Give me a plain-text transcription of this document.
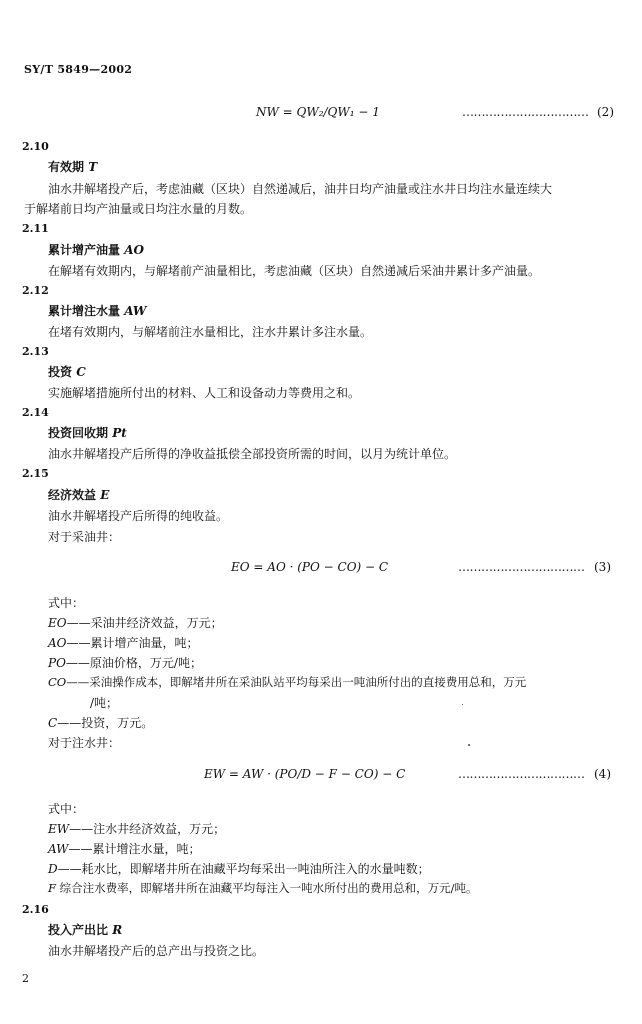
SY/T 5849—2002
NW = QW₂/QW₁ − 1	…………………………… (2)
2.10
有效期 T
油水井解堵投产后，考虑油藏（区块）自然递减后，油井日均产油量或注水井日均注水量连续大
于解堵前日均产油量或日均注水量的月数。
2.11
累计增产油量 AO
在解堵有效期内，与解堵前产油量相比，考虑油藏（区块）自然递减后采油井累计多产油量。
2.12
累计增注水量 AW
在堵有效期内，与解堵前注水量相比，注水井累计多注水量。
2.13
投资 C
实施解堵措施所付出的材料、人工和设备动力等费用之和。
2.14
投资回收期 Pt
油水井解堵投产后所得的净收益抵偿全部投资所需的时间，以月为统计单位。
2.15
经济效益 E
油水井解堵投产后所得的纯收益。
对于采油井：
EO = AO · (PO − CO) − C	…………………………… (3)
式中：
EO——采油井经济效益，万元；
AO——累计增产油量，吨；
PO——原油价格，万元/吨；
CO——采油操作成本，即解堵井所在采油队站平均每采出一吨油所付出的直接费用总和，万元
/吨；
C——投资，万元。
对于注水井：
EW = AW · (PO/D − F − CO) − C	…………………………… (4)
式中：
EW——注水井经济效益，万元；
AW——累计增注水量，吨；
D——耗水比，即解堵井所在油藏平均每采出一吨油所注入的水量吨数；
F 综合注水费率，即解堵井所在油藏平均每注入一吨水所付出的费用总和，万元/吨。
2.16
投入产出比 R
油水井解堵投产后的总产出与投资之比。
2
